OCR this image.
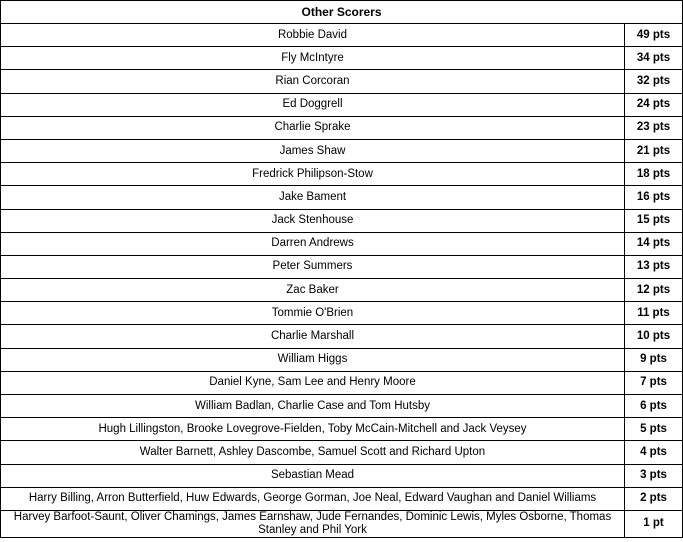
Other Scorers	
Robbie David	49 pts
Fly McIntyre	34 pts
Rian Corcoran	32 pts
Ed Doggrell	24 pts
Charlie Sprake	23 pts
James Shaw	21 pts
Fredrick Philipson-Stow	18 pts
Jake Bament	16 pts
Jack Stenhouse	15 pts
Darren Andrews	14 pts
Peter Summers	13 pts
Zac Baker	12 pts
Tommie O'Brien	11 pts
Charlie Marshall	10 pts
William Higgs	9 pts
Daniel Kyne, Sam Lee and Henry Moore	7 pts
William Badlan, Charlie Case and Tom Hutsby	6 pts
Hugh Lillingston, Brooke Lovegrove-Fielden, Toby McCain-Mitchell and Jack Veysey	5 pts
Walter Barnett, Ashley Dascombe, Samuel Scott and Richard Upton	4 pts
Sebastian Mead	3 pts
Harry Billing, Arron Butterfield, Huw Edwards, George Gorman, Joe Neal, Edward Vaughan and Daniel Williams	2 pts
Harvey Barfoot-Saunt, Oliver Chamings, James Earnshaw, Jude Fernandes, Dominic Lewis, Myles Osborne, Thomas Stanley and Phil York	1 pt
